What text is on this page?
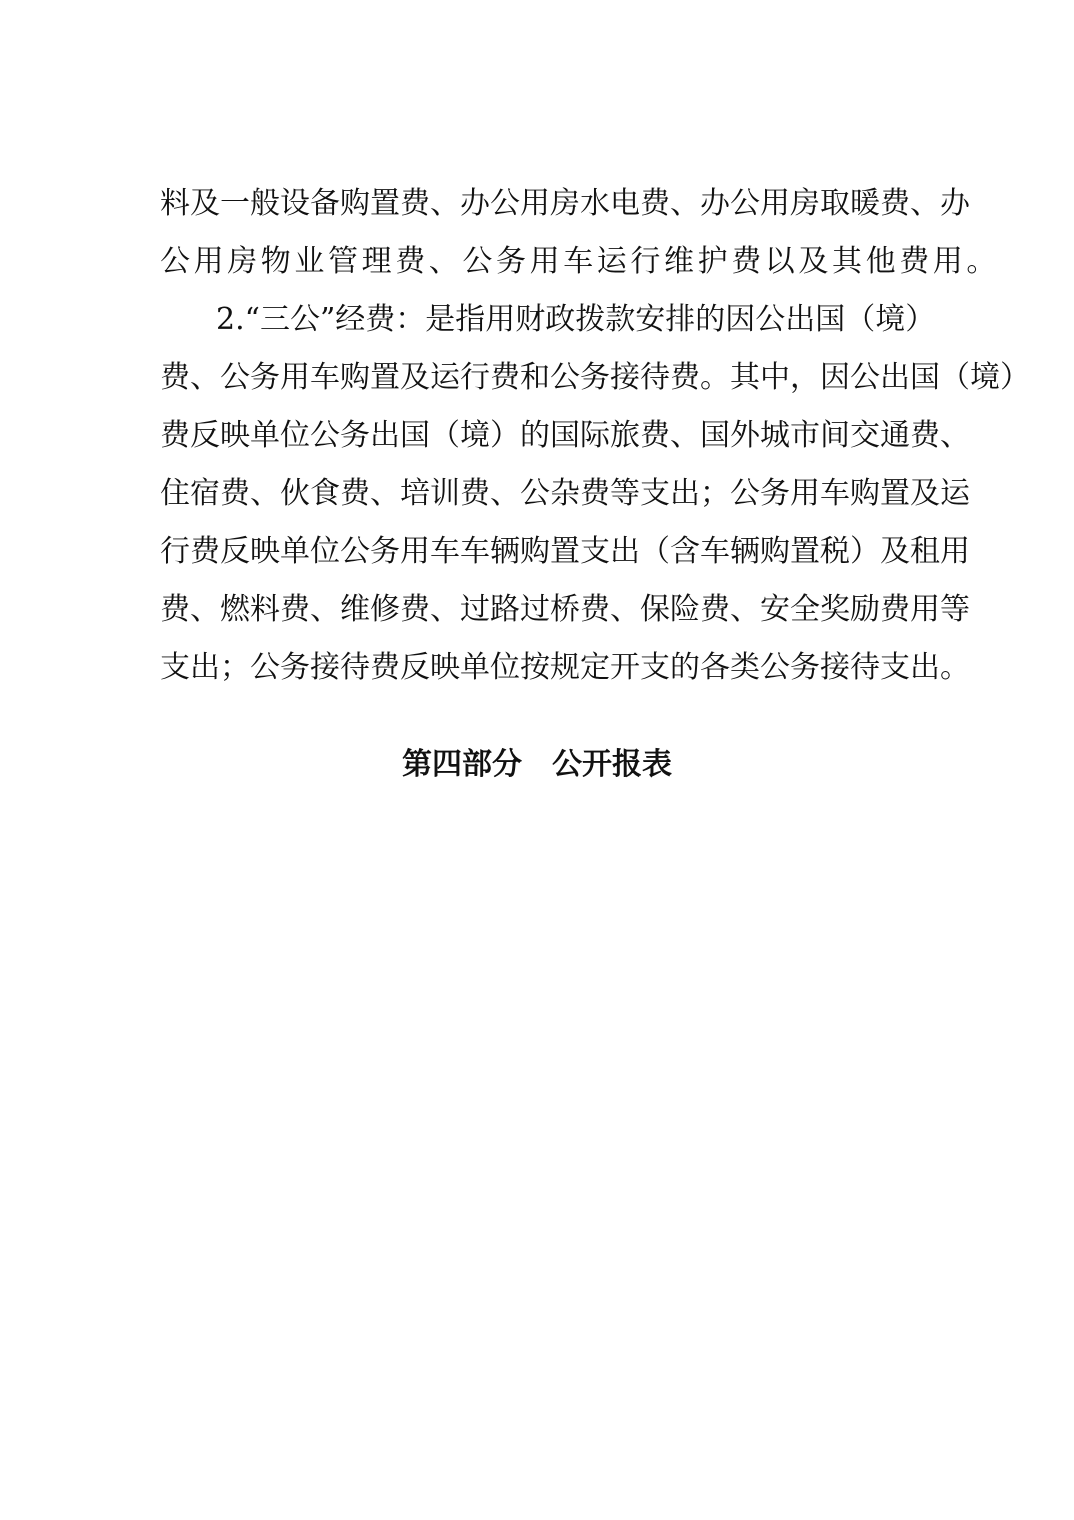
料及一般设备购置费、办公用房水电费、办公用房取暖费、办
公用房物业管理费、公务用车运行维护费以及其他费用。
2.“三公”经费：是指用财政拨款安排的因公出国（境）
费、公务用车购置及运行费和公务接待费。其中，因公出国（境）
费反映单位公务出国（境）的国际旅费、国外城市间交通费、
住宿费、伙食费、培训费、公杂费等支出；公务用车购置及运
行费反映单位公务用车车辆购置支出（含车辆购置税）及租用
费、燃料费、维修费、过路过桥费、保险费、安全奖励费用等
支出；公务接待费反映单位按规定开支的各类公务接待支出。
第四部分　公开报表
